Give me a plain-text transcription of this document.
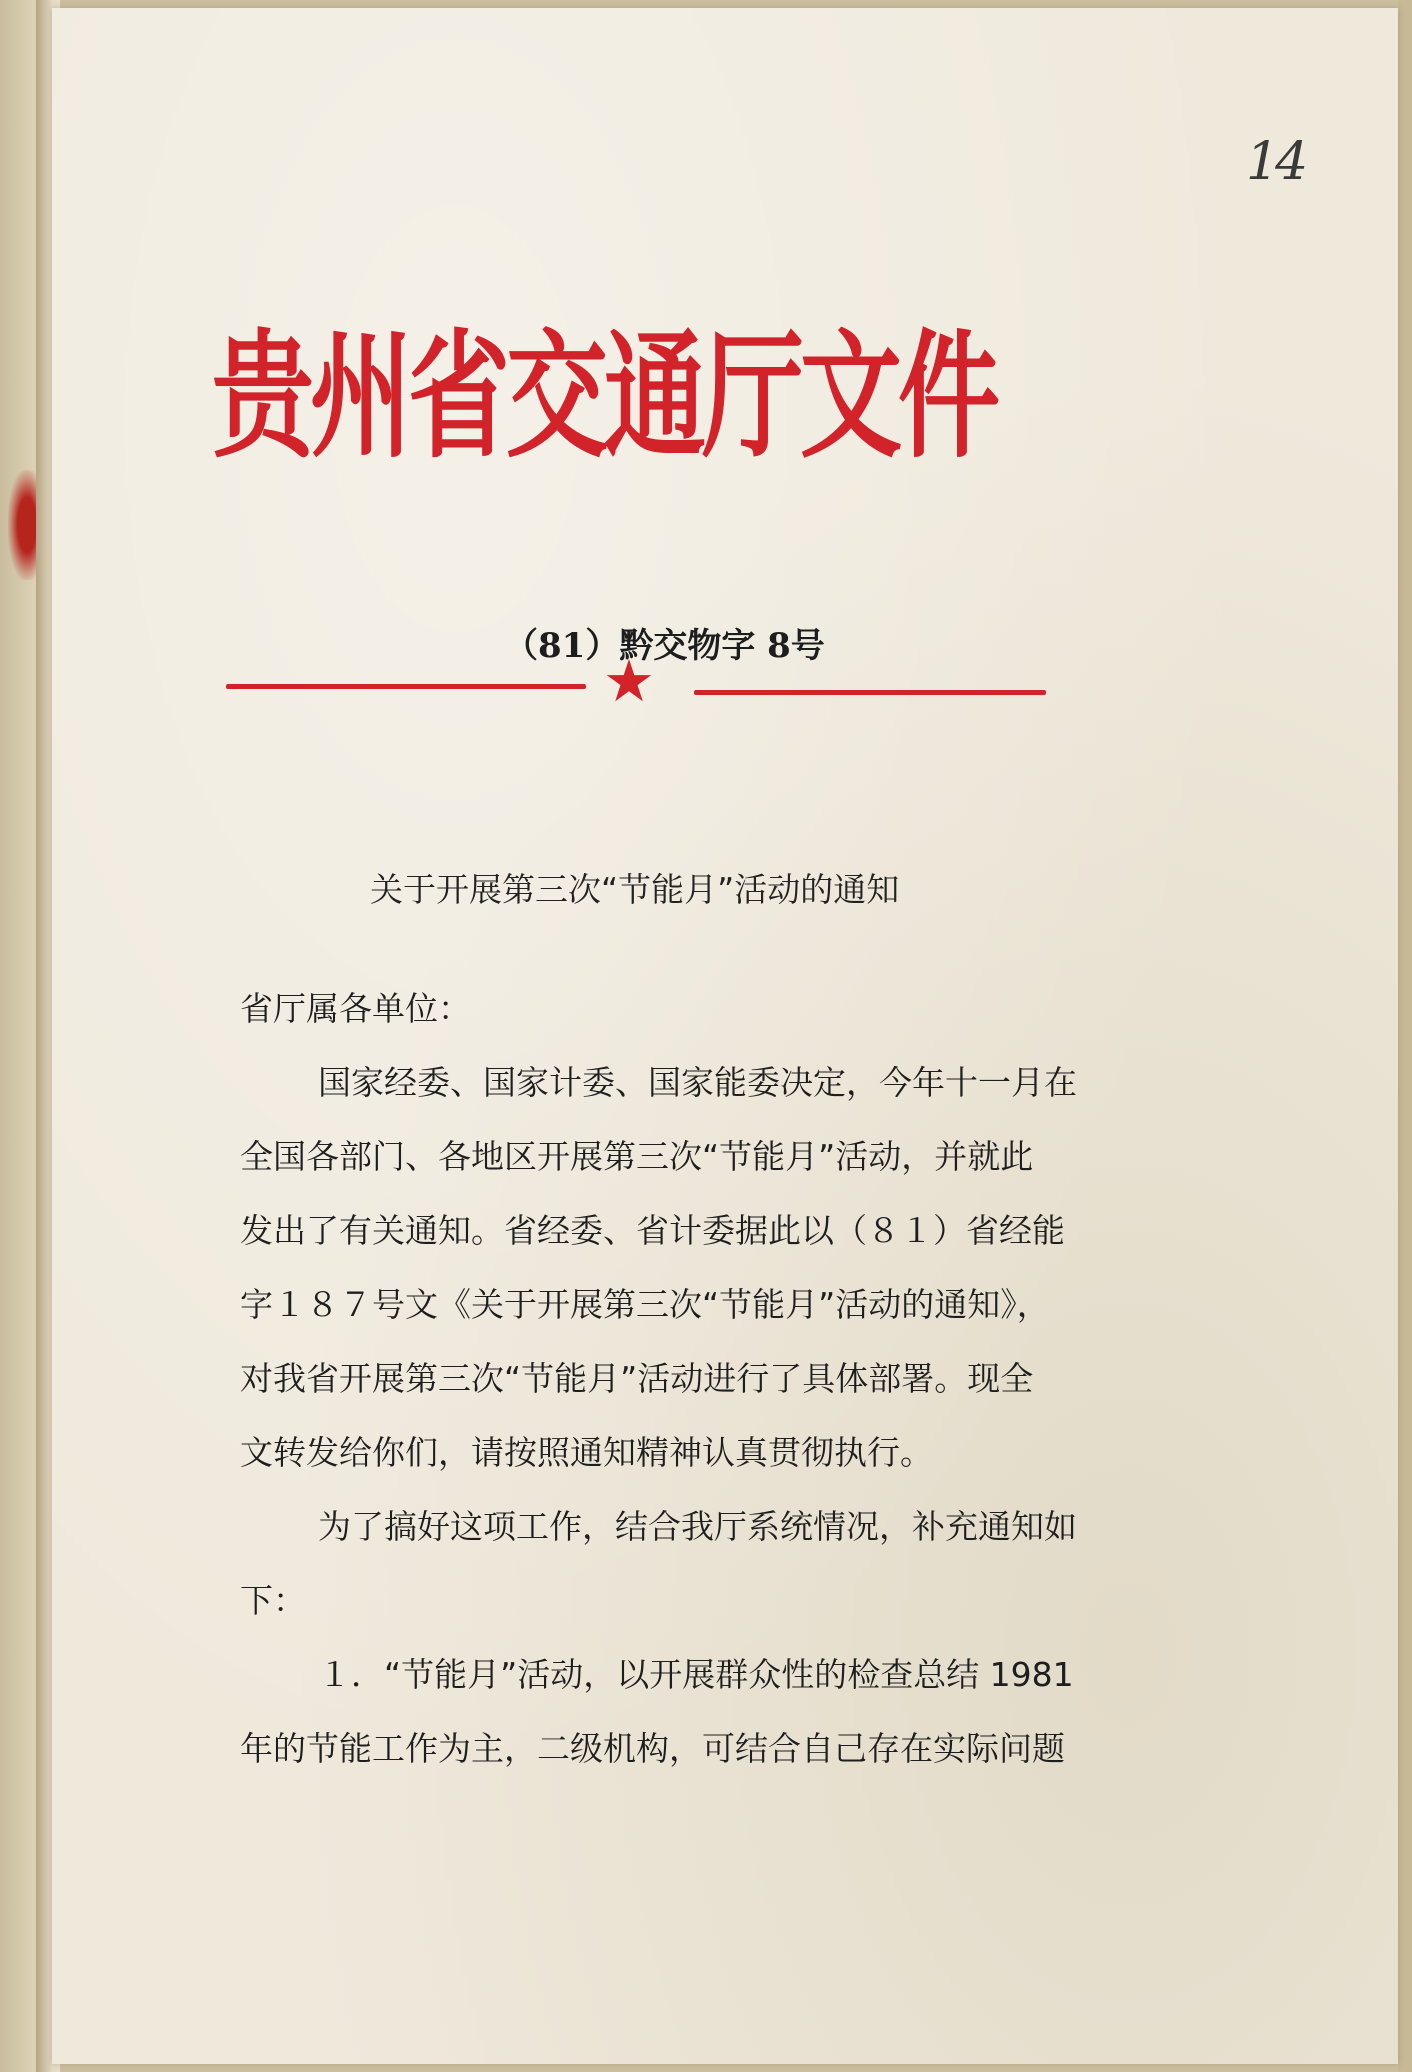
14
贵州省交通厅文件
（81）黔交物字 8号
★
关于开展第三次“节能月”活动的通知

省厅属各单位：

国家经委、国家计委、国家能委决定，今年十一月在

全国各部门、各地区开展第三次“节能月”活动，并就此

发出了有关通知。省经委、省计委据此以（８１）省经能

字１８７号文《关于开展第三次“节能月”活动的通知》，

对我省开展第三次“节能月”活动进行了具体部署。现全

文转发给你们，请按照通知精神认真贯彻执行。

为了搞好这项工作，结合我厅系统情况，补充通知如

下：

１．“节能月”活动，以开展群众性的检查总结 1981

年的节能工作为主，二级机构，可结合自己存在实际问题
